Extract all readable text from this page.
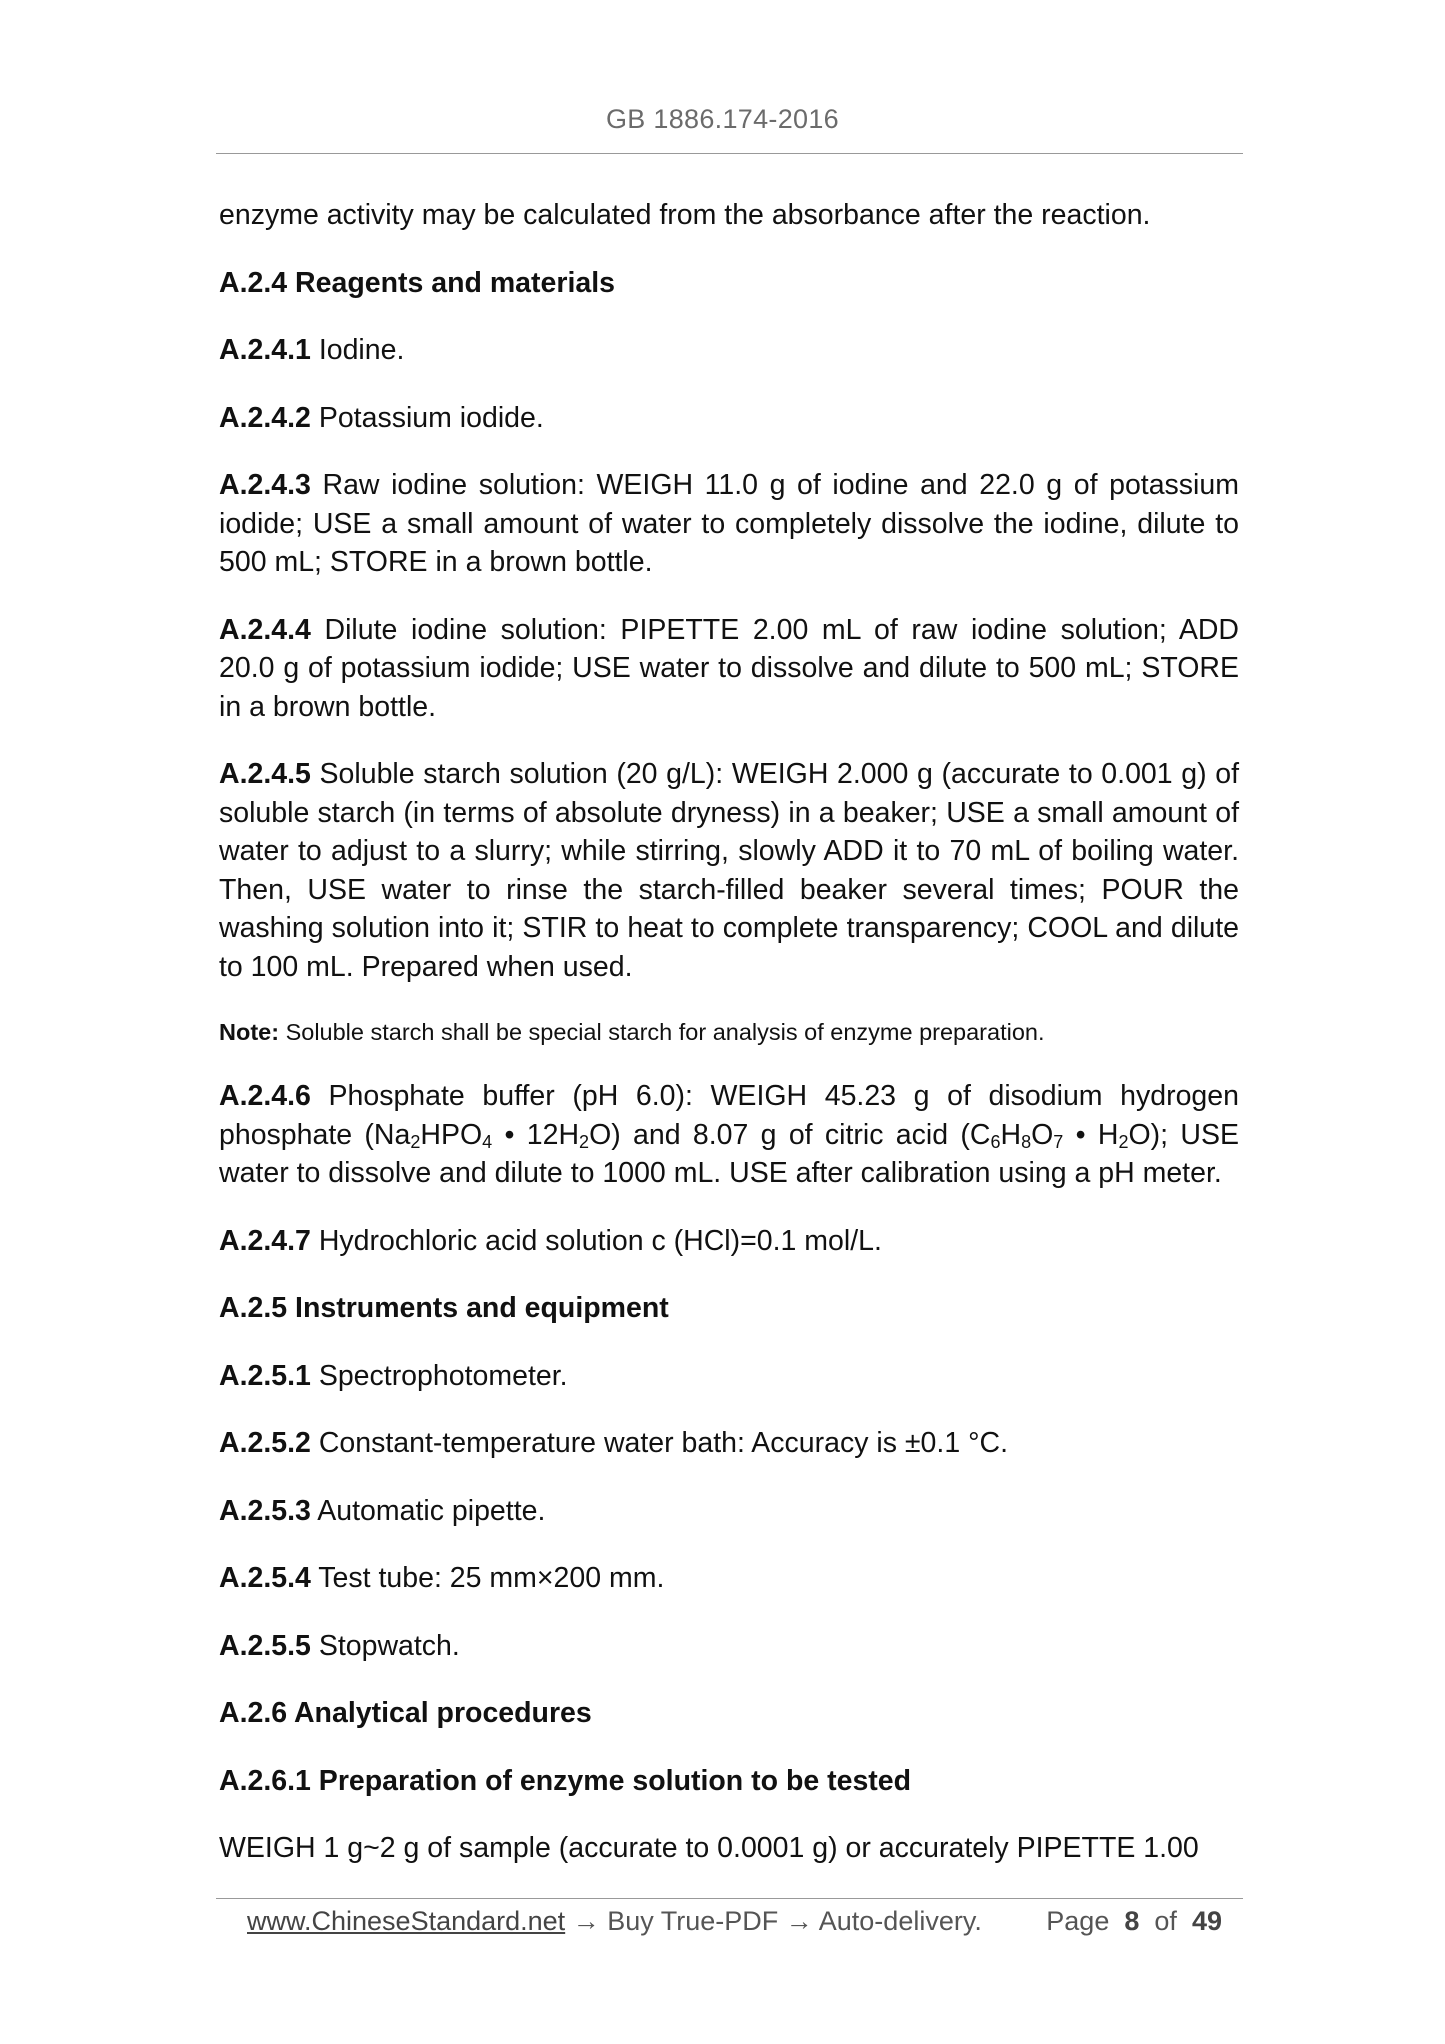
GB 1886.174-2016

enzyme activity may be calculated from the absorbance after the reaction.

A.2.4 Reagents and materials

A.2.4.1 Iodine.

A.2.4.2 Potassium iodide.

A.2.4.3 Raw iodine solution: WEIGH 11.0 g of iodine and 22.0 g of potassium iodide; USE a small amount of water to completely dissolve the iodine, dilute to 500 mL; STORE in a brown bottle.

A.2.4.4 Dilute iodine solution: PIPETTE 2.00 mL of raw iodine solution; ADD 20.0 g of potassium iodide; USE water to dissolve and dilute to 500 mL; STORE in a brown bottle.

A.2.4.5 Soluble starch solution (20 g/L): WEIGH 2.000 g (accurate to 0.001 g) of soluble starch (in terms of absolute dryness) in a beaker; USE a small amount of water to adjust to a slurry; while stirring, slowly ADD it to 70 mL of boiling water. Then, USE water to rinse the starch-filled beaker several times; POUR the washing solution into it; STIR to heat to complete transparency; COOL and dilute to 100 mL. Prepared when used.

Note: Soluble starch shall be special starch for analysis of enzyme preparation.

A.2.4.6 Phosphate buffer (pH 6.0): WEIGH 45.23 g of disodium hydrogen phosphate ($Na_2HPO_4$ • $12H_2O$) and 8.07 g of citric acid ($C_6H_8O_7$ • $H_2O$); USE water to dissolve and dilute to 1000 mL. USE after calibration using a pH meter.

A.2.4.7 Hydrochloric acid solution c (HCl)=0.1 mol/L.

A.2.5 Instruments and equipment

A.2.5.1 Spectrophotometer.

A.2.5.2 Constant-temperature water bath: Accuracy is ±0.1 °C.

A.2.5.3 Automatic pipette.

A.2.5.4 Test tube: 25 mm×200 mm.

A.2.5.5 Stopwatch.

A.2.6 Analytical procedures

A.2.6.1 Preparation of enzyme solution to be tested

WEIGH 1 g~2 g of sample (accurate to 0.0001 g) or accurately PIPETTE 1.00

www.ChineseStandard.net → Buy True-PDF → Auto-delivery. Page 8 of 49
